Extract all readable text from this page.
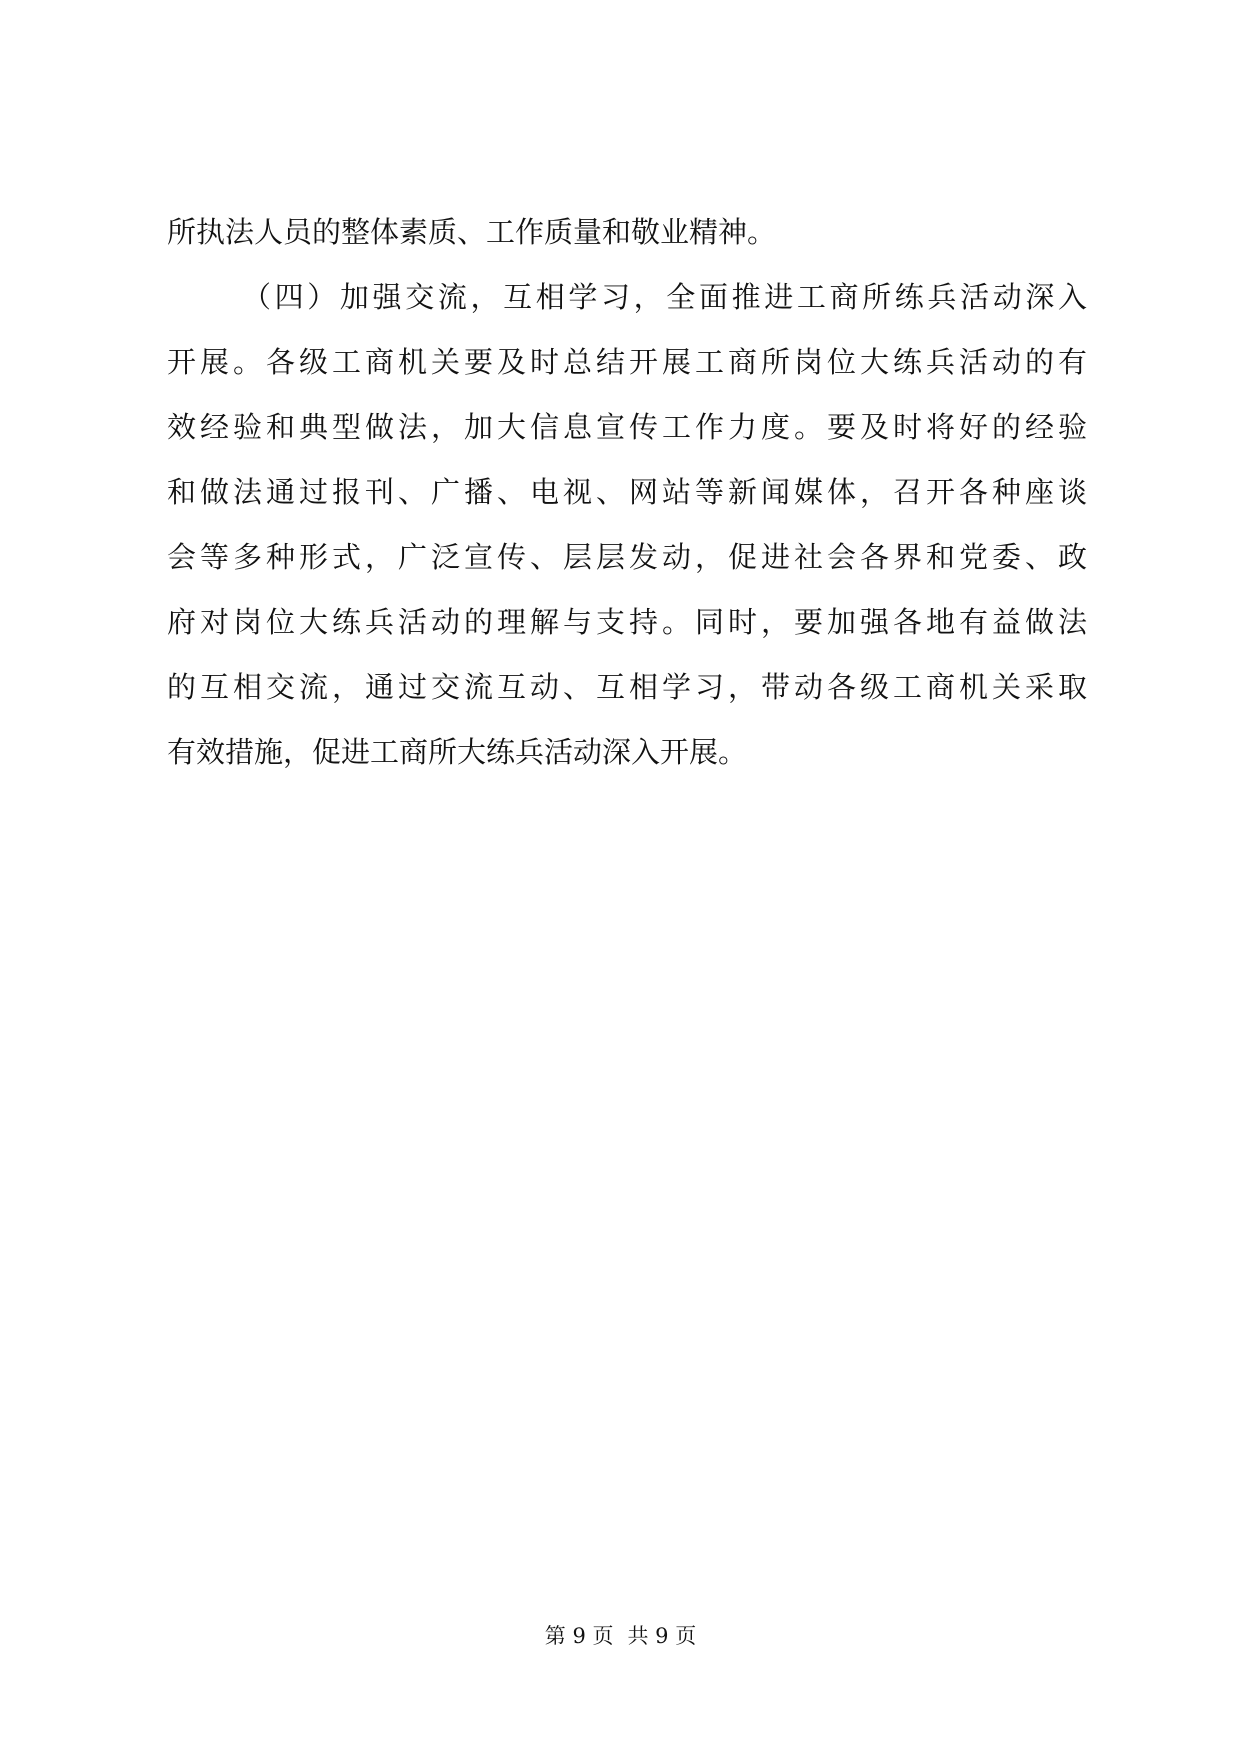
所执法人员的整体素质、工作质量和敬业精神。
（四）加强交流，互相学习，全面推进工商所练兵活动深入
开展。各级工商机关要及时总结开展工商所岗位大练兵活动的有
效经验和典型做法，加大信息宣传工作力度。要及时将好的经验
和做法通过报刊、广播、电视、网站等新闻媒体，召开各种座谈
会等多种形式，广泛宣传、层层发动，促进社会各界和党委、政
府对岗位大练兵活动的理解与支持。同时，要加强各地有益做法
的互相交流，通过交流互动、互相学习，带动各级工商机关采取
有效措施，促进工商所大练兵活动深入开展。
第 9 页 共 9 页
